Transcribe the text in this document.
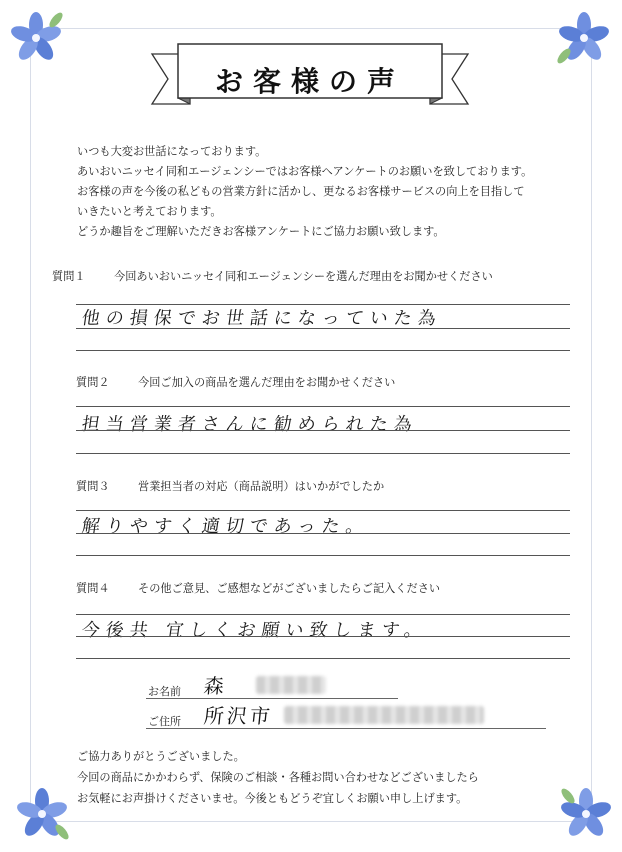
お客様の声
いつも大変お世話になっております。
あいおいニッセイ同和エージェンシーではお客様へアンケートのお願いを致しております。
お客様の声を今後の私どもの営業方針に活かし、更なるお客様サービスの向上を目指して
いきたいと考えております。
どうか趣旨をご理解いただきお客様アンケートにご協力お願い致します。
質問１	今回あいおいニッセイ同和エージェンシーを選んだ理由をお聞かせください
他の損保でお世話になっていた為
質問２	今回ご加入の商品を選んだ理由をお聞かせください
担当営業者さんに勧められた為
質問３	営業担当者の対応（商品説明）はいかがでしたか
解りやすく適切であった。
質問４	その他ご意見、ご感想などがございましたらご記入ください
今後共 宜しくお願い致します。
お名前 森
ご住所 所沢市
ご協力ありがとうございました。
今回の商品にかかわらず、保険のご相談・各種お問い合わせなどございましたら
お気軽にお声掛けくださいませ。今後ともどうぞ宜しくお願い申し上げます。
